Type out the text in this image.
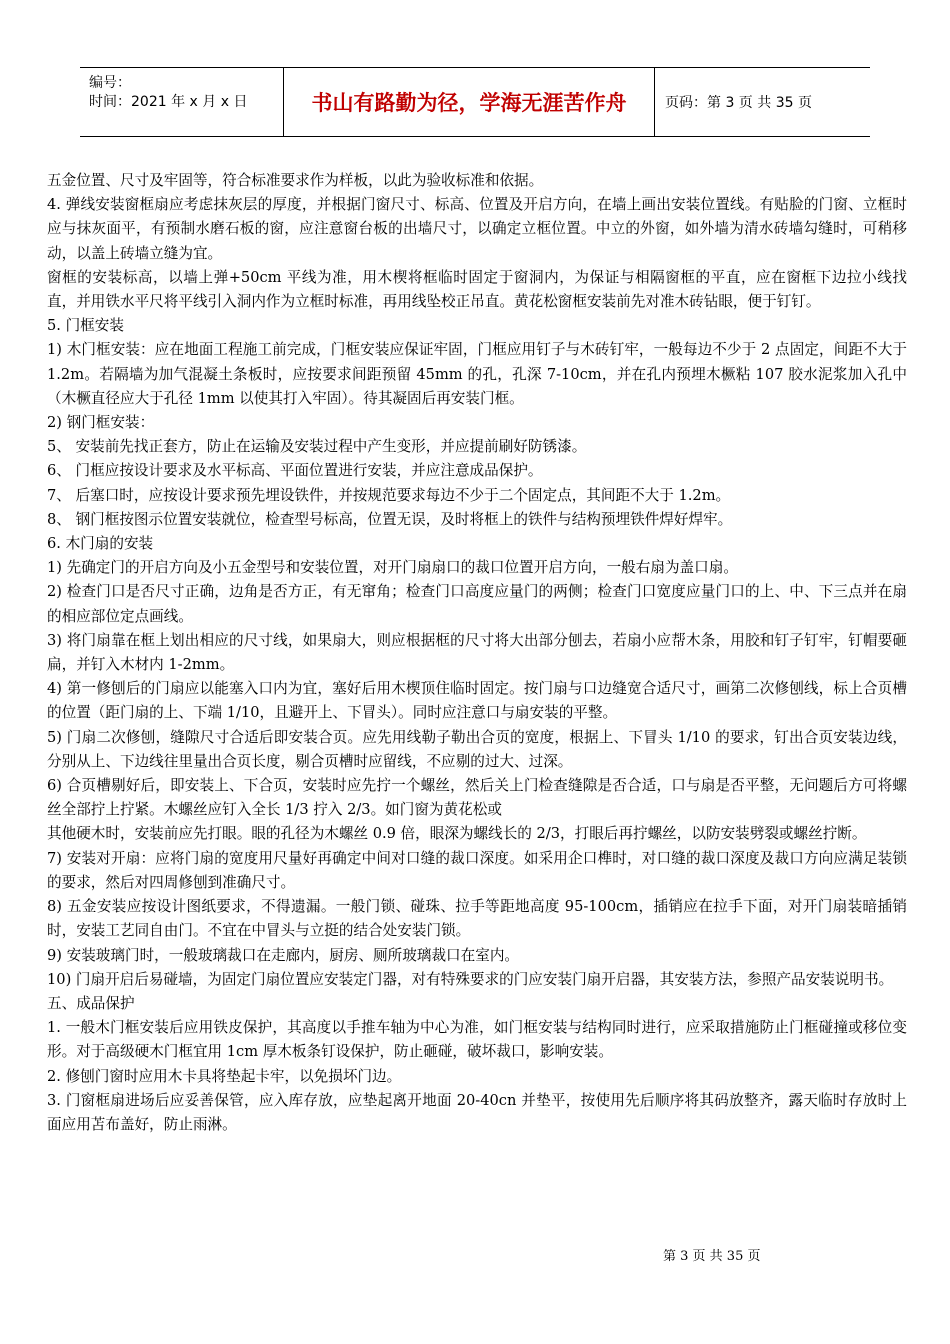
编号：
时间：2021 年 x 月 x 日	书山有路勤为径，学海无涯苦作舟	页码：第 3 页 共 35 页

五金位置、尺寸及牢固等，符合标准要求作为样板，以此为验收标准和依据。

4. 弹线安装窗框扇应考虑抹灰层的厚度，并根据门窗尺寸、标高、位置及开启方向，在墙上画出安装位置线。有贴脸的门窗、立框时应与抹灰面平，有预制水磨石板的窗，应注意窗台板的出墙尺寸，以确定立框位置。中立的外窗，如外墙为清水砖墙勾缝时，可稍移动，以盖上砖墙立缝为宜。

窗框的安装标高，以墙上弹+50cm 平线为准，用木楔将框临时固定于窗洞内，为保证与相隔窗框的平直，应在窗框下边拉小线找直，并用铁水平尺将平线引入洞内作为立框时标准，再用线坠校正吊直。黄花松窗框安装前先对准木砖钻眼，便于钉钉。

5. 门框安装

1) 木门框安装：应在地面工程施工前完成，门框安装应保证牢固，门框应用钉子与木砖钉牢，一般每边不少于 2 点固定，间距不大于 1.2m。若隔墙为加气混凝土条板时，应按要求间距预留 45mm 的孔，孔深 7-10cm，并在孔内预埋木橛粘 107 胶水泥浆加入孔中（木橛直径应大于孔径 1mm 以使其打入牢固）。待其凝固后再安装门框。

2) 钢门框安装：

5、 安装前先找正套方，防止在运输及安装过程中产生变形，并应提前刷好防锈漆。

6、 门框应按设计要求及水平标高、平面位置进行安装，并应注意成品保护。

7、 后塞口时，应按设计要求预先埋设铁件，并按规范要求每边不少于二个固定点，其间距不大于 1.2m。

8、 钢门框按图示位置安装就位，检查型号标高，位置无误，及时将框上的铁件与结构预埋铁件焊好焊牢。

6. 木门扇的安装

1) 先确定门的开启方向及小五金型号和安装位置，对开门扇扇口的裁口位置开启方向，一般右扇为盖口扇。

2) 检查门口是否尺寸正确，边角是否方正，有无窜角；检查门口高度应量门的两侧；检查门口宽度应量门口的上、中、下三点并在扇的相应部位定点画线。

3) 将门扇靠在框上划出相应的尺寸线，如果扇大，则应根据框的尺寸将大出部分刨去，若扇小应帮木条，用胶和钉子钉牢，钉帽要砸扁，并钉入木材内 1-2mm。

4) 第一修刨后的门扇应以能塞入口内为宜，塞好后用木楔顶住临时固定。按门扇与口边缝宽合适尺寸，画第二次修刨线，标上合页槽的位置（距门扇的上、下端 1/10，且避开上、下冒头）。同时应注意口与扇安装的平整。

5) 门扇二次修刨，缝隙尺寸合适后即安装合页。应先用线勒子勒出合页的宽度，根据上、下冒头 1/10 的要求，钉出合页安装边线，分别从上、下边线往里量出合页长度，剔合页槽时应留线，不应剔的过大、过深。

6) 合页槽剔好后，即安装上、下合页，安装时应先拧一个螺丝，然后关上门检查缝隙是否合适，口与扇是否平整，无问题后方可将螺丝全部拧上拧紧。木螺丝应钉入全长 1/3 拧入 2/3。如门窗为黄花松或

其他硬木时，安装前应先打眼。眼的孔径为木螺丝 0.9 倍，眼深为螺线长的 2/3，打眼后再拧螺丝，以防安装劈裂或螺丝拧断。

7) 安装对开扇：应将门扇的宽度用尺量好再确定中间对口缝的裁口深度。如采用企口榫时，对口缝的裁口深度及裁口方向应满足装锁的要求，然后对四周修刨到准确尺寸。

8) 五金安装应按设计图纸要求，不得遗漏。一般门锁、碰珠、拉手等距地高度 95-100cm，插销应在拉手下面，对开门扇装暗插销时，安装工艺同自由门。不宜在中冒头与立挺的结合处安装门锁。

9) 安装玻璃门时，一般玻璃裁口在走廊内，厨房、厕所玻璃裁口在室内。

10) 门扇开启后易碰墙，为固定门扇位置应安装定门器，对有特殊要求的门应安装门扇开启器，其安装方法，参照产品安装说明书。

五、成品保护

1. 一般木门框安装后应用铁皮保护，其高度以手推车轴为中心为准，如门框安装与结构同时进行，应采取措施防止门框碰撞或移位变形。对于高级硬木门框宜用 1cm 厚木板条钉设保护，防止砸碰，破坏裁口，影响安装。

2. 修刨门窗时应用木卡具将垫起卡牢，以免损坏门边。

3. 门窗框扇进场后应妥善保管，应入库存放，应垫起离开地面 20-40cn 并垫平，按使用先后顺序将其码放整齐，露天临时存放时上面应用苫布盖好，防止雨淋。

第 3 页 共 35 页
